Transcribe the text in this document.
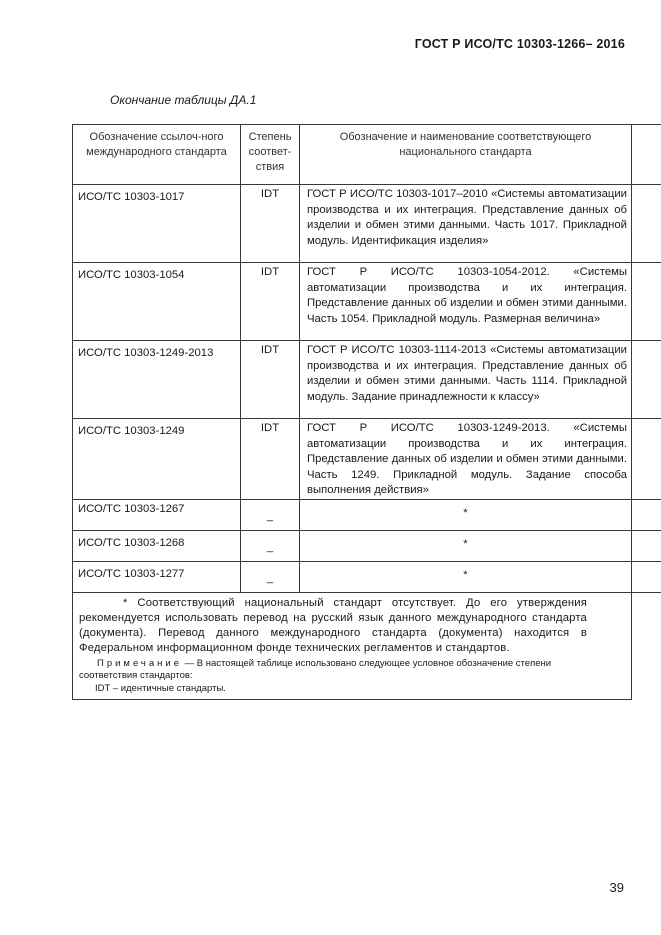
ГОСТ Р ИСО/ТС 10303-1266– 2016
Окончание таблицы ДА.1
Обозначение ссылоч-ного международного стандарта	Степень соответ-ствия	Обозначение и наименование соответствующего национального стандарта	
ИСО/ТС 10303-1017	IDT	ГОСТ Р ИСО/ТС 10303-1017–2010 «Системы автоматизации производства и их интеграция. Представление данных об изделии и обмен этими данными. Часть 1017. Прикладной модуль. Идентификация изделия»	
ИСО/ТС 10303-1054	IDT	ГОСТ Р ИСО/ТС 10303-1054-2012. «Системы автоматизации производства и их интеграция. Представление данных об изделии и обмен этими данными. Часть 1054. Прикладной модуль. Размерная величина»	
ИСО/ТС 10303-1249-2013	IDT	ГОСТ Р ИСО/ТС 10303-1114-2013 «Системы автоматизации производства и их интеграция. Представление данных об изделии и обмен этими данными. Часть 1114. Прикладной модуль. Задание принадлежности к классу»	
ИСО/ТС 10303-1249	IDT	ГОСТ Р ИСО/ТС 10303-1249-2013. «Системы автоматизации производства и их интеграция. Представление данных об изделии и обмен этими данными. Часть 1249. Прикладной модуль. Задание способа выполнения действия»	
ИСО/ТС 10303-1267	_	*	
ИСО/ТС 10303-1268	_	*	
ИСО/ТС 10303-1277	_	*	

* Соответствующий национальный стандарт отсутствует. До его утверждения рекомендуется использовать перевод на русский язык данного международного стандарта (документа). Перевод данного международного стандарта (документа) находится в Федеральном информационном фонде технических регламентов и стандартов.
Примечание — В настоящей таблице использовано следующее условное обозначение степени соответствия стандартов:
IDT – идентичные стандарты.			

39
